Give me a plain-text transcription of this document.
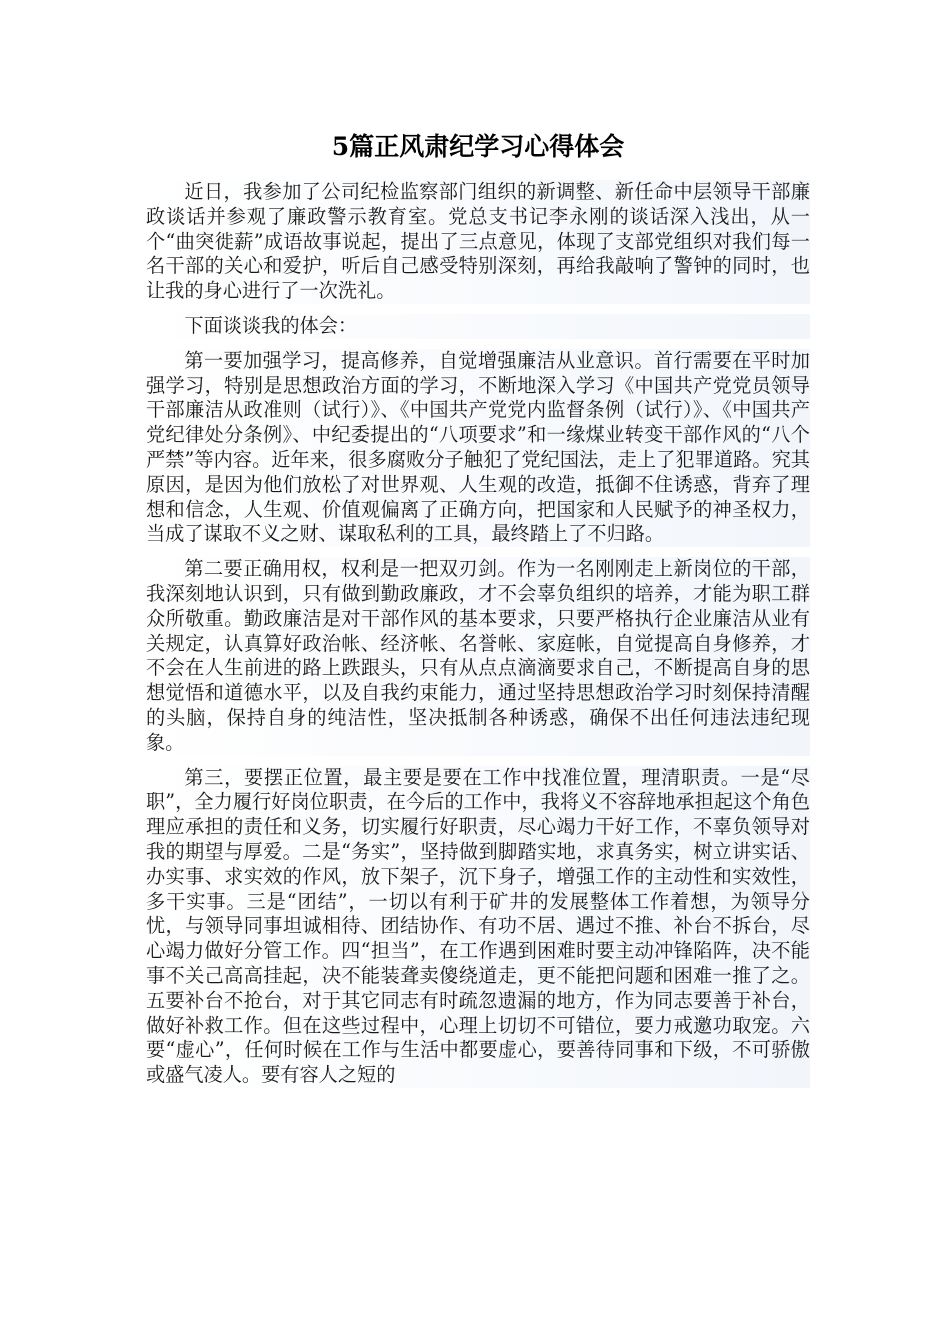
5篇正风肃纪学习心得体会

近日，我参加了公司纪检监察部门组织的新调整、新任命中层领导干部廉政谈话并参观了廉政警示教育室。党总支书记李永刚的谈话深入浅出，从一个“曲突徙薪”成语故事说起，提出了三点意见，体现了支部党组织对我们每一名干部的关心和爱护，听后自己感受特别深刻，再给我敲响了警钟的同时，也让我的身心进行了一次洗礼。

下面谈谈我的体会：

第一要加强学习，提高修养，自觉增强廉洁从业意识。首行需要在平时加强学习，特别是思想政治方面的学习，不断地深入学习《中国共产党党员领导干部廉洁从政准则（试行）》、《中国共产党党内监督条例（试行）》、《中国共产党纪律处分条例》、中纪委提出的“八项要求”和一缘煤业转变干部作风的“八个严禁”等内容。近年来，很多腐败分子触犯了党纪国法，走上了犯罪道路。究其原因，是因为他们放松了对世界观、人生观的改造，抵御不住诱惑，背弃了理想和信念，人生观、价值观偏离了正确方向，把国家和人民赋予的神圣权力，当成了谋取不义之财、谋取私利的工具，最终踏上了不归路。

第二要正确用权，权利是一把双刃剑。作为一名刚刚走上新岗位的干部，我深刻地认识到，只有做到勤政廉政，才不会辜负组织的培养，才能为职工群众所敬重。勤政廉洁是对干部作风的基本要求，只要严格执行企业廉洁从业有关规定，认真算好政治帐、经济帐、名誉帐、家庭帐，自觉提高自身修养，才不会在人生前进的路上跌跟头，只有从点点滴滴要求自己，不断提高自身的思想觉悟和道德水平，以及自我约束能力，通过坚持思想政治学习时刻保持清醒的头脑，保持自身的纯洁性，坚决抵制各种诱惑，确保不出任何违法违纪现象。

第三，要摆正位置，最主要是要在工作中找准位置，理清职责。一是“尽职”，全力履行好岗位职责，在今后的工作中，我将义不容辞地承担起这个角色理应承担的责任和义务，切实履行好职责，尽心竭力干好工作，不辜负领导对我的期望与厚爱。二是“务实”，坚持做到脚踏实地，求真务实，树立讲实话、办实事、求实效的作风，放下架子，沉下身子，增强工作的主动性和实效性，多干实事。三是“团结”，一切以有利于矿井的发展整体工作着想，为领导分忧，与领导同事坦诚相待、团结协作、有功不居、遇过不推、补台不拆台，尽心竭力做好分管工作。四“担当”，在工作遇到困难时要主动冲锋陷阵，决不能事不关己高高挂起，决不能装聋卖傻绕道走，更不能把问题和困难一推了之。五要补台不抢台，对于其它同志有时疏忽遗漏的地方，作为同志要善于补台，做好补救工作。但在这些过程中，心理上切切不可错位，要力戒邀功取宠。六要“虚心”，任何时候在工作与生活中都要虚心，要善待同事和下级，不可骄傲或盛气凌人。要有容人之短的
